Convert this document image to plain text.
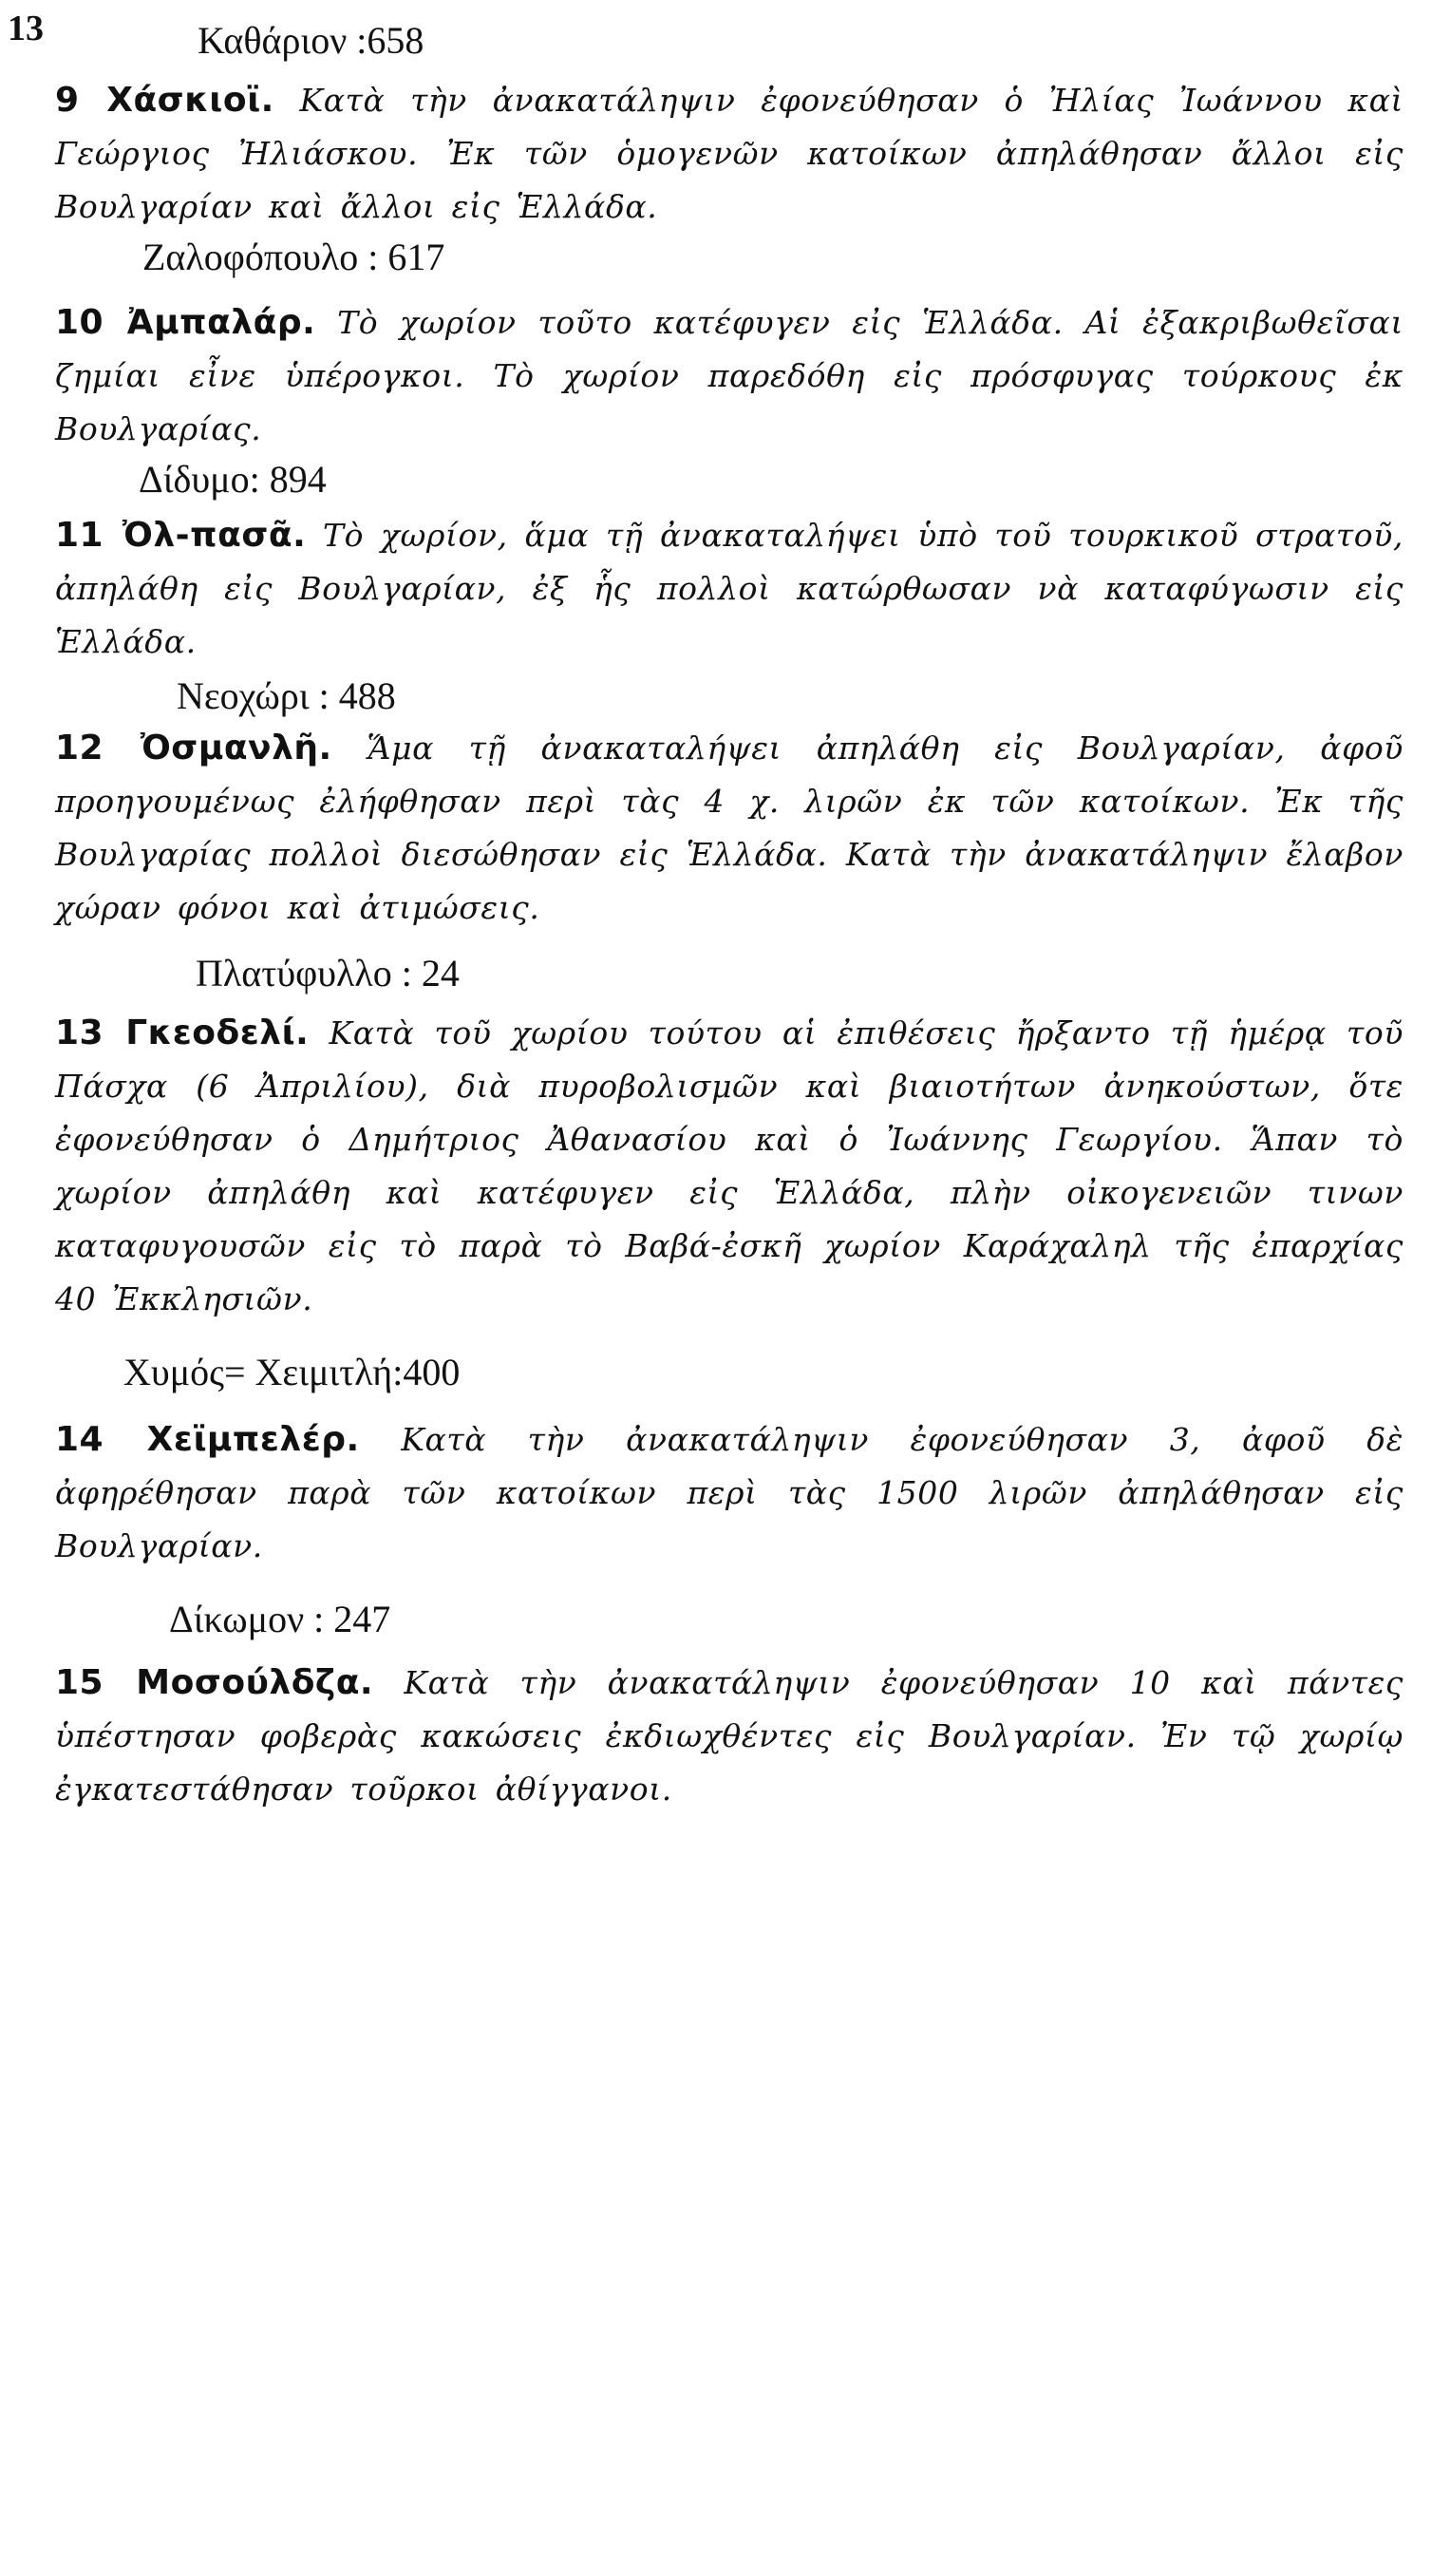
13	Καθάριον :658

9 Χάσκιοϊ. Κατὰ τὴν ἀνακατάληψιν ἐφονεύθησαν ὁ Ἠλίας Ἰωάννου καὶ Γεώργιος Ἠλιάσκου. Ἐκ τῶν ὁμογενῶν κατοίκων ἀπηλάθησαν ἄλλοι εἰς Βουλγαρίαν καὶ ἄλλοι εἰς Ἑλλάδα.

Ζαλοφόπουλο : 617

10 Ἀμπαλάρ. Τὸ χωρίον τοῦτο κατέφυγεν εἰς Ἑλλάδα. Αἱ ἐξακριβωθεῖσαι ζημίαι εἶνε ὑπέρογκοι. Τὸ χωρίον παρεδόθη εἰς πρόσφυγας τούρκους ἐκ Βουλγαρίας.

Δίδυμο: 894

11 Ὀλ-πασᾶ. Τὸ χωρίον, ἅμα τῇ ἀνακαταλήψει ὑπὸ τοῦ τουρκικοῦ στρατοῦ, ἀπηλάθη εἰς Βουλγαρίαν, ἐξ ἧς πολλοὶ κατώρθωσαν νὰ καταφύγωσιν εἰς Ἑλλάδα.

Νεοχώρι : 488

12 Ὀσμανλῆ. Ἅμα τῇ ἀνακαταλήψει ἀπηλάθη εἰς Βουλγαρίαν, ἀφοῦ προηγουμένως ἐλήφθησαν περὶ τὰς 4 χ. λιρῶν ἐκ τῶν κατοίκων. Ἐκ τῆς Βουλγαρίας πολλοὶ διεσώθησαν εἰς Ἑλλάδα. Κατὰ τὴν ἀνακατάληψιν ἔλαβον χώραν φόνοι καὶ ἀτιμώσεις.

Πλατύφυλλο : 24

13 Γκεοδελί. Κατὰ τοῦ χωρίου τούτου αἱ ἐπιθέσεις ἤρξαντο τῇ ἡμέρᾳ τοῦ Πάσχα (6 Ἀπριλίου), διὰ πυροβολισμῶν καὶ βιαιοτήτων ἀνηκούστων, ὅτε ἐφονεύθησαν ὁ Δημήτριος Ἀθανασίου καὶ ὁ Ἰωάννης Γεωργίου. Ἅπαν τὸ χωρίον ἀπηλάθη καὶ κατέφυγεν εἰς Ἑλλάδα, πλὴν οἰκογενειῶν τινων καταφυγουσῶν εἰς τὸ παρὰ τὸ Βαβά-ἐσκῆ χωρίον Καράχαληλ τῆς ἐπαρχίας 40 Ἐκκλησιῶν.

Χυμός= Χειμιτλή:400

14 Χεϊμπελέρ. Κατὰ τὴν ἀνακατάληψιν ἐφονεύθησαν 3, ἀφοῦ δὲ ἀφηρέθησαν παρὰ τῶν κατοίκων περὶ τὰς 1500 λιρῶν ἀπηλάθησαν εἰς Βουλγαρίαν.

Δίκωμον : 247

15 Μοσούλδζα. Κατὰ τὴν ἀνακατάληψιν ἐφονεύθησαν 10 καὶ πάντες ὑπέστησαν φοβερὰς κακώσεις ἐκδιωχθέντες εἰς Βουλγαρίαν. Ἐν τῷ χωρίῳ ἐγκατεστάθησαν τοῦρκοι ἀθίγγανοι.
